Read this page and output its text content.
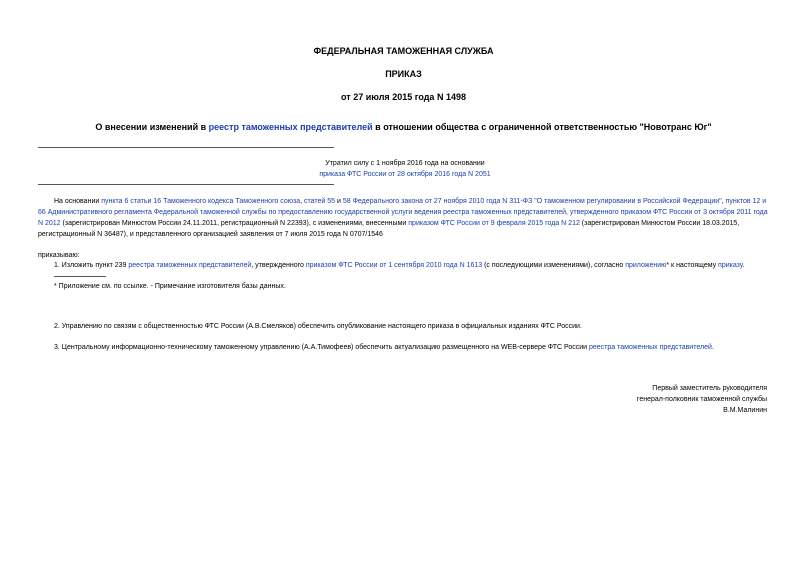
ФЕДЕРАЛЬНАЯ ТАМОЖЕННАЯ СЛУЖБА
ПРИКАЗ
от 27 июля 2015 года N 1498
О внесении изменений в реестр таможенных представителей в отношении общества с ограниченной ответственностью "Новотранс Юг"
Утратил силу с 1 ноября 2016 года на основании
приказа ФТС России от 28 октября 2016 года N 2051
На основании пункта 6 статьи 16 Таможенного кодекса Таможенного союза, статей 55 и 58 Федерального закона от 27 ноября 2010 года N 311-ФЗ "О таможенном регулировании в Российской Федерации", пунктов 12 и 66 Административного регламента Федеральной таможенной службы по предоставлению государственной услуги ведения реестра таможенных представителей, утвержденного приказом ФТС России от 3 октября 2011 года N 2012 (зарегистрирован Минюстом России 24.11.2011, регистрационный N 22393), с изменениями, внесенными приказом ФТС России от 9 февраля 2015 года N 212 (зарегистрирован Минюстом России 18.03.2015, регистрационный N 36487), и представленного организацией заявления от 7 июля 2015 года N 0707/1546
приказываю:
1. Изложить пункт 239 реестра таможенных представителей, утвержденного приказом ФТС России от 1 сентября 2010 года N 1613 (с последующими изменениями), согласно приложению* к настоящему приказу.
* Приложение см. по ссылке. - Примечание изготовителя базы данных.
2. Управлению по связям с общественностью ФТС России (А.В.Смеляков) обеспечить опубликование настоящего приказа в официальных изданиях ФТС России.
3. Центральному информационно-техническому таможенному управлению (А.А.Тимофеев) обеспечить актуализацию размещенного на WEB-сервере ФТС России реестра таможенных представителей.
Первый заместитель руководителя
генерал-полковник таможенной службы
В.М.Малинин
